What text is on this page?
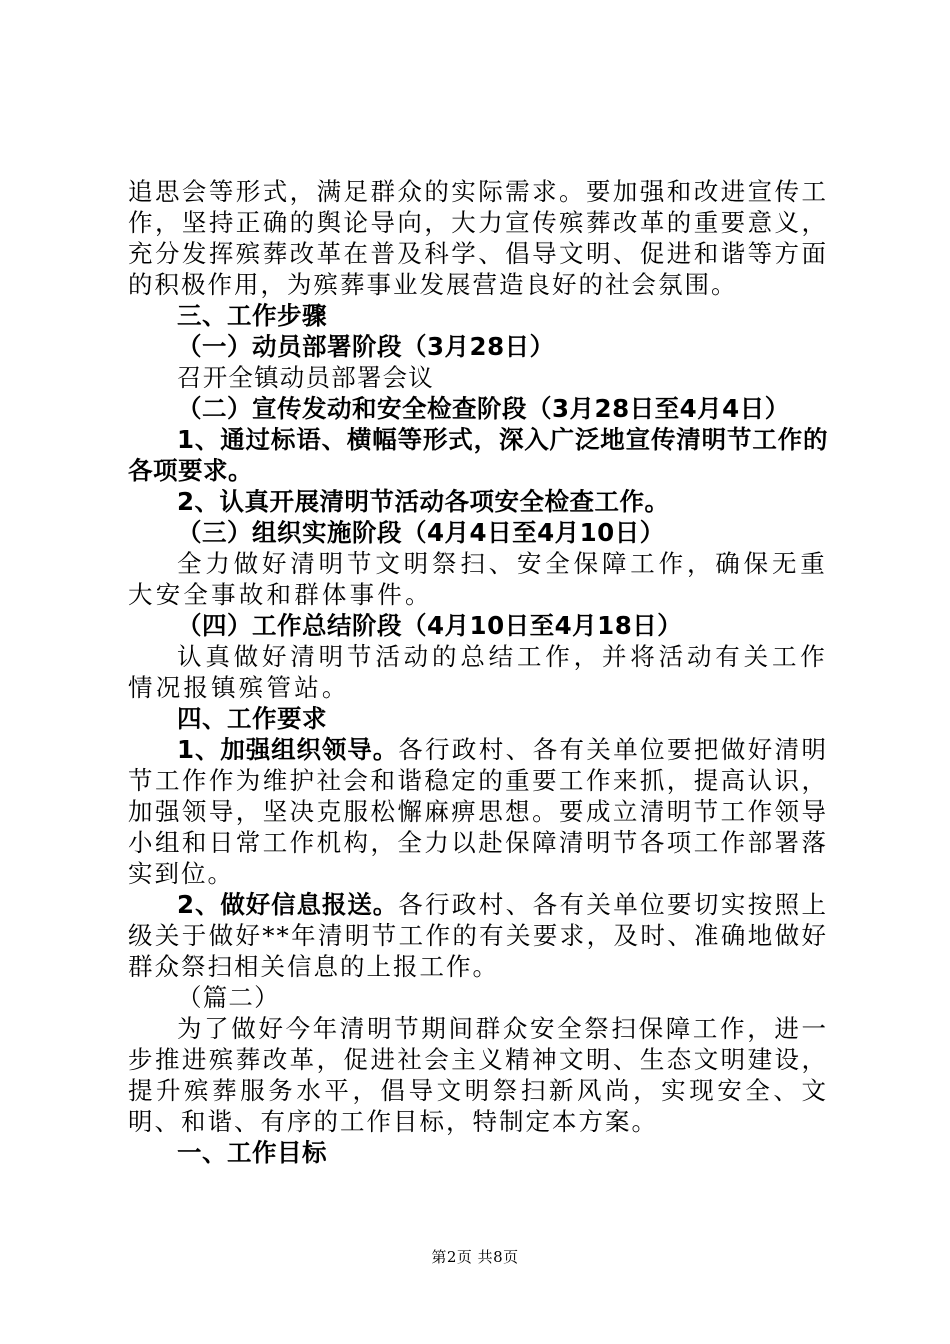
追思会等形式，满足群众的实际需求。要加强和改进宣传工作，坚持正确的舆论导向，大力宣传殡葬改革的重要意义，充分发挥殡葬改革在普及科学、倡导文明、促进和谐等方面的积极作用，为殡葬事业发展营造良好的社会氛围。

三、工作步骤

（一）动员部署阶段（3月28日）

召开全镇动员部署会议

（二）宣传发动和安全检查阶段（3月28日至4月4日）

1、通过标语、横幅等形式，深入广泛地宣传清明节工作的各项要求。

2、认真开展清明节活动各项安全检查工作。

（三）组织实施阶段（4月4日至4月10日）

全力做好清明节文明祭扫、安全保障工作，确保无重大安全事故和群体事件。

（四）工作总结阶段（4月10日至4月18日）

认真做好清明节活动的总结工作，并将活动有关工作情况报镇殡管站。

四、工作要求

1、加强组织领导。各行政村、各有关单位要把做好清明节工作作为维护社会和谐稳定的重要工作来抓，提高认识，加强领导，坚决克服松懈麻痹思想。要成立清明节工作领导小组和日常工作机构，全力以赴保障清明节各项工作部署落实到位。

2、做好信息报送。各行政村、各有关单位要切实按照上级关于做好**年清明节工作的有关要求，及时、准确地做好群众祭扫相关信息的上报工作。

（篇二）

为了做好今年清明节期间群众安全祭扫保障工作，进一步推进殡葬改革，促进社会主义精神文明、生态文明建设，提升殡葬服务水平，倡导文明祭扫新风尚，实现安全、文明、和谐、有序的工作目标，特制定本方案。

一、工作目标

第2页 共8页
